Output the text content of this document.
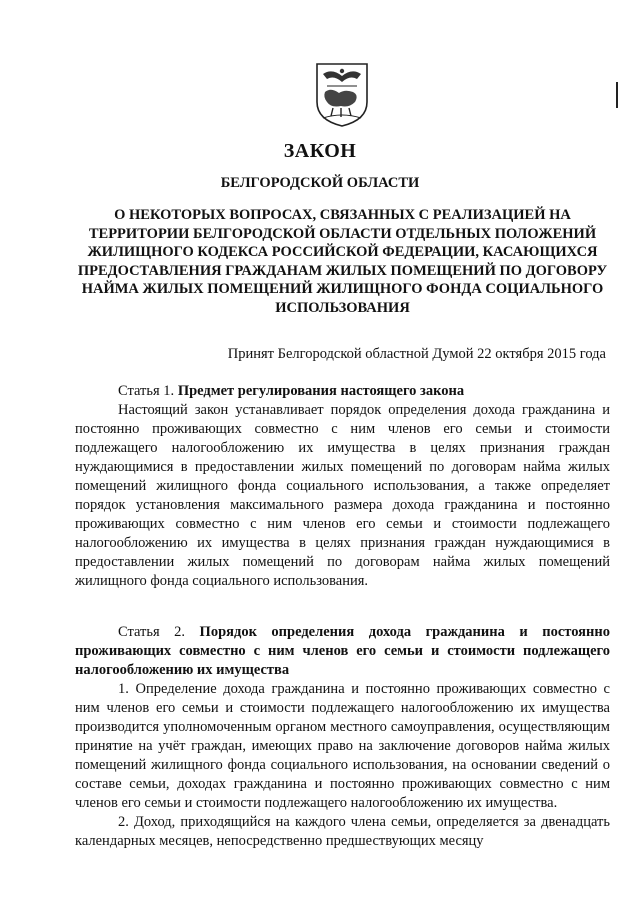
ЗАКОН
БЕЛГОРОДСКОЙ ОБЛАСТИ
О НЕКОТОРЫХ ВОПРОСАХ, СВЯЗАННЫХ С РЕАЛИЗАЦИЕЙ НА ТЕРРИТОРИИ БЕЛГОРОДСКОЙ ОБЛАСТИ ОТДЕЛЬНЫХ ПОЛОЖЕНИЙ ЖИЛИЩНОГО КОДЕКСА РОССИЙСКОЙ ФЕДЕРАЦИИ, КАСАЮЩИХСЯ ПРЕДОСТАВЛЕНИЯ ГРАЖДАНАМ ЖИЛЫХ ПОМЕЩЕНИЙ ПО ДОГОВОРУ НАЙМА ЖИЛЫХ ПОМЕЩЕНИЙ ЖИЛИЩНОГО ФОНДА СОЦИАЛЬНОГО ИСПОЛЬЗОВАНИЯ
Принят Белгородской областной Думой 22 октября 2015 года
Статья 1. Предмет регулирования настоящего закона

Настоящий закон устанавливает порядок определения дохода гражданина и постоянно проживающих совместно с ним членов его семьи и стоимости подлежащего налогообложению их имущества в целях признания граждан нуждающимися в предоставлении жилых помещений по договорам найма жилых помещений жилищного фонда социального использования, а также определяет порядок установления максимального размера дохода гражданина и постоянно проживающих совместно с ним членов его семьи и стоимости подлежащего налогообложению их имущества в целях признания граждан нуждающимися в предоставлении жилых помещений по договорам найма жилых помещений жилищного фонда социального использования.

Статья 2. Порядок определения дохода гражданина и постоянно проживающих совместно с ним членов его семьи и стоимости подлежащего налогообложению их имущества

1. Определение дохода гражданина и постоянно проживающих совместно с ним членов его семьи и стоимости подлежащего налогообложению их имущества производится уполномоченным органом местного самоуправления, осуществляющим принятие на учёт граждан, имеющих право на заключение договоров найма жилых помещений жилищного фонда социального использования, на основании сведений о составе семьи, доходах гражданина и постоянно проживающих совместно с ним членов его семьи и стоимости подлежащего налогообложению их имущества.

2. Доход, приходящийся на каждого члена семьи, определяется за двенадцать календарных месяцев, непосредственно предшествующих месяцу
